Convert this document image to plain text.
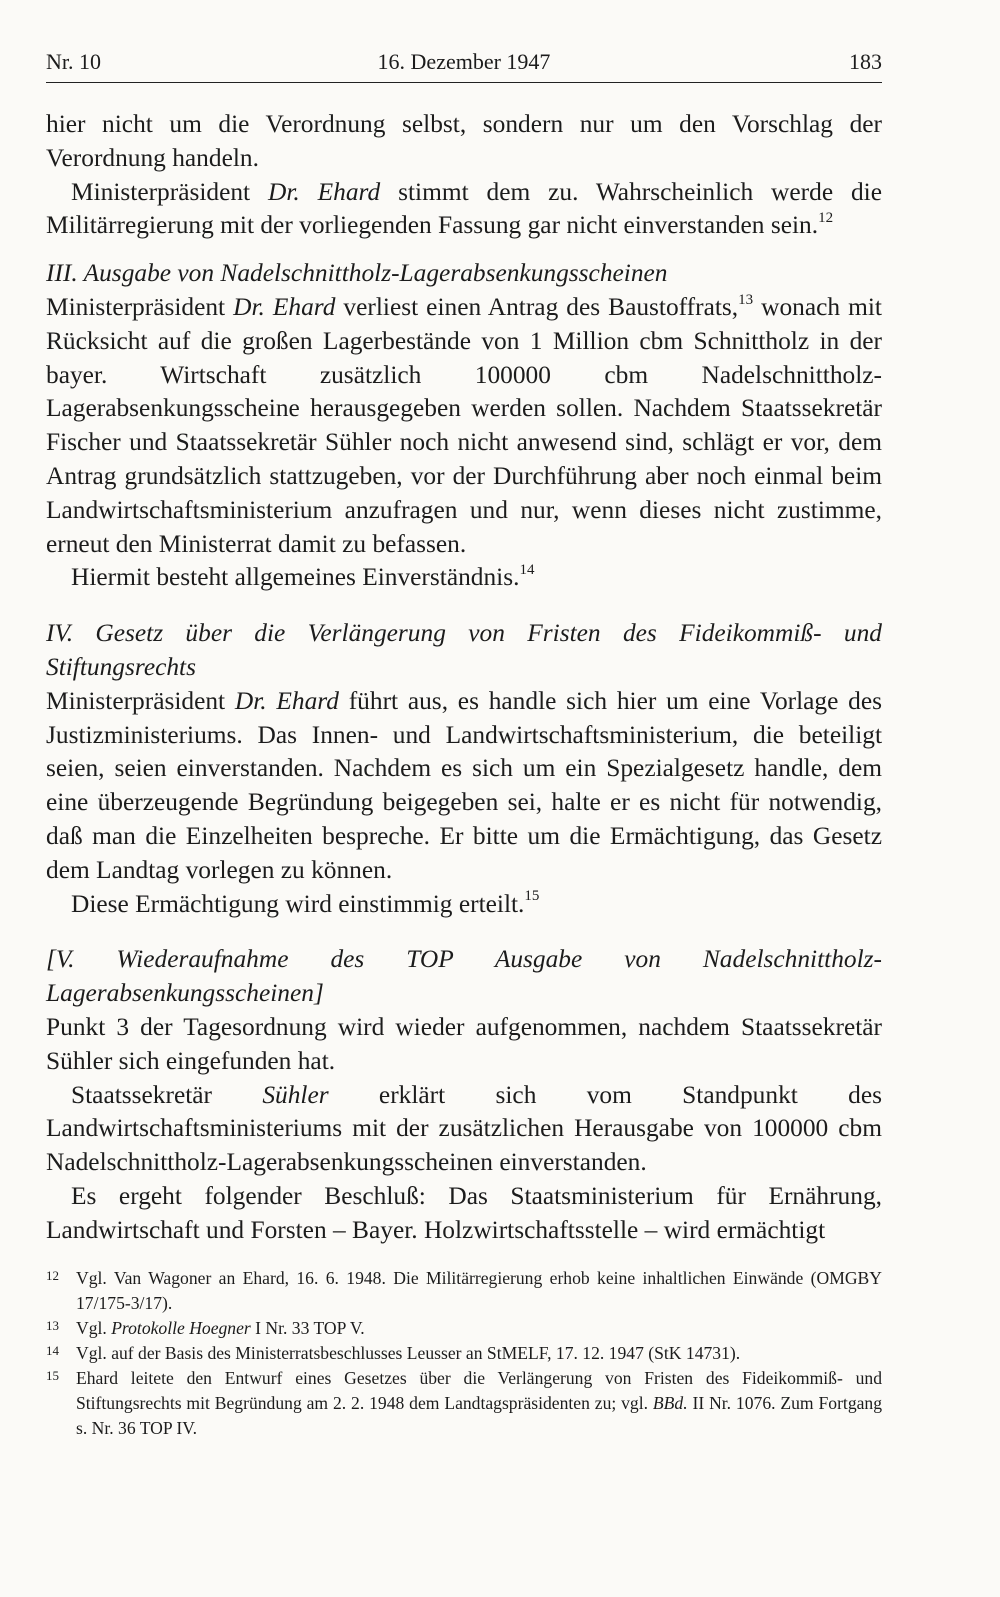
Nr. 10	16. Dezember 1947	183

hier nicht um die Verordnung selbst, sondern nur um den Vorschlag der Verordnung handeln.

Ministerpräsident Dr. Ehard stimmt dem zu. Wahrscheinlich werde die Militärregierung mit der vorliegenden Fassung gar nicht einverstanden sein.$^{12}$

III. Ausgabe von Nadelschnittholz-Lagerabsenkungsscheinen

Ministerpräsident Dr. Ehard verliest einen Antrag des Baustoffrats,$^{13}$ wonach mit Rücksicht auf die großen Lagerbestände von 1 Million cbm Schnittholz in der bayer. Wirtschaft zusätzlich 100000 cbm Nadelschnittholz-Lagerabsenkungsscheine herausgegeben werden sollen. Nachdem Staatssekretär Fischer und Staatssekretär Sühler noch nicht anwesend sind, schlägt er vor, dem Antrag grundsätzlich stattzugeben, vor der Durchführung aber noch einmal beim Landwirtschaftsministerium anzufragen und nur, wenn dieses nicht zustimme, erneut den Ministerrat damit zu befassen.

Hiermit besteht allgemeines Einverständnis.$^{14}$

IV. Gesetz über die Verlängerung von Fristen des Fideikommiß- und Stiftungsrechts

Ministerpräsident Dr. Ehard führt aus, es handle sich hier um eine Vorlage des Justizministeriums. Das Innen- und Landwirtschaftsministerium, die beteiligt seien, seien einverstanden. Nachdem es sich um ein Spezialgesetz handle, dem eine überzeugende Begründung beigegeben sei, halte er es nicht für notwendig, daß man die Einzelheiten bespreche. Er bitte um die Ermächtigung, das Gesetz dem Landtag vorlegen zu können.

Diese Ermächtigung wird einstimmig erteilt.$^{15}$

[V. Wiederaufnahme des TOP Ausgabe von Nadelschnittholz-Lagerabsenkungsscheinen]

Punkt 3 der Tagesordnung wird wieder aufgenommen, nachdem Staatssekretär Sühler sich eingefunden hat.

Staatssekretär Sühler erklärt sich vom Standpunkt des Landwirtschaftsministeriums mit der zusätzlichen Herausgabe von 100000 cbm Nadelschnittholz-Lagerabsenkungsscheinen einverstanden.

Es ergeht folgender Beschluß: Das Staatsministerium für Ernährung, Landwirtschaft und Forsten – Bayer. Holzwirtschaftsstelle – wird ermächtigt

12 Vgl. Van Wagoner an Ehard, 16. 6. 1948. Die Militärregierung erhob keine inhaltlichen Einwände (OMGBY 17/175-3/17).
13 Vgl. Protokolle Hoegner I Nr. 33 TOP V.
14 Vgl. auf der Basis des Ministerratsbeschlusses Leusser an StMELF, 17. 12. 1947 (StK 14731).
15 Ehard leitete den Entwurf eines Gesetzes über die Verlängerung von Fristen des Fideikommiß- und Stiftungsrechts mit Begründung am 2. 2. 1948 dem Landtagspräsidenten zu; vgl. BBd. II Nr. 1076. Zum Fortgang s. Nr. 36 TOP IV.
